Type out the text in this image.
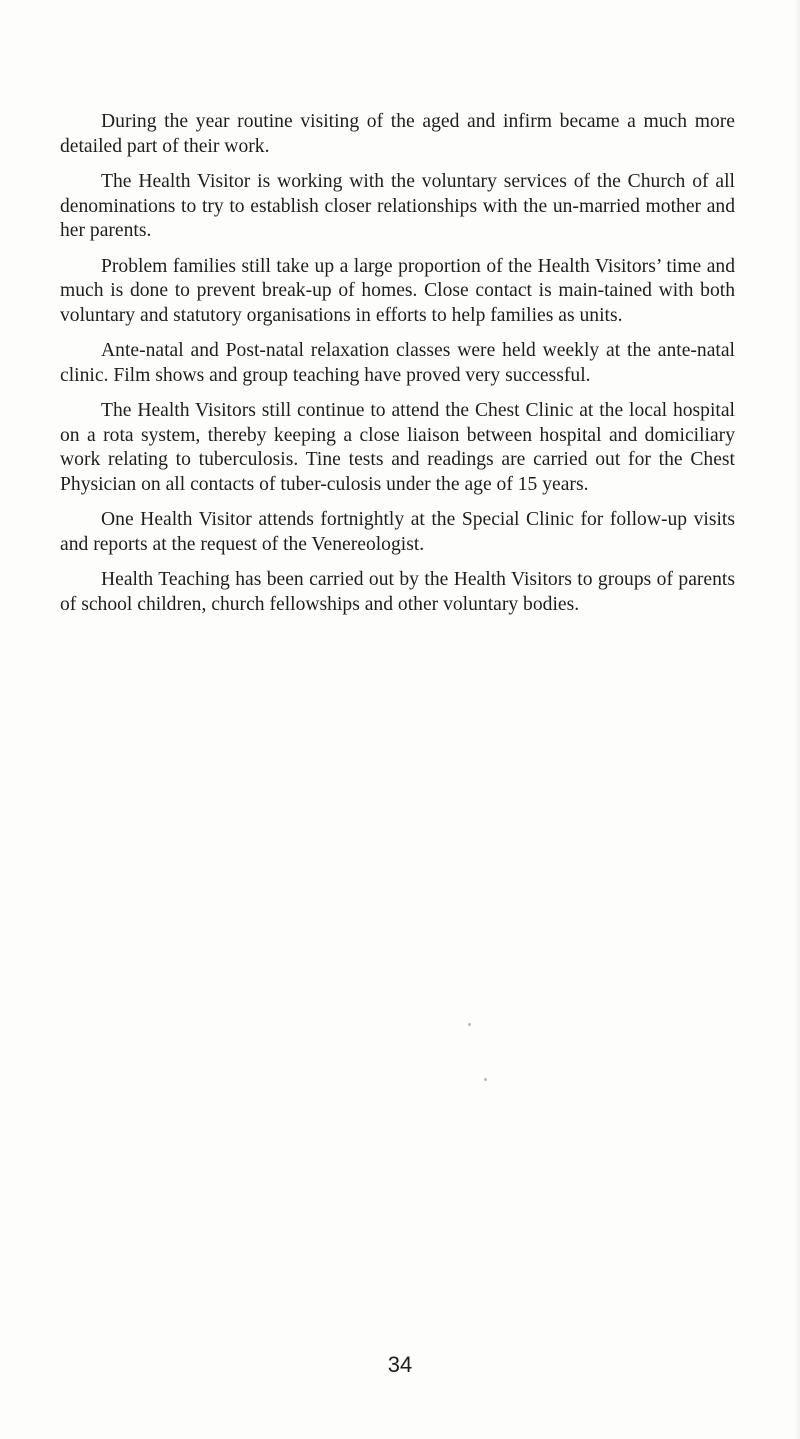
During the year routine visiting of the aged and infirm became a much more detailed part of their work.

The Health Visitor is working with the voluntary services of the Church of all denominations to try to establish closer relationships with the un-married mother and her parents.

Problem families still take up a large proportion of the Health Visitors’ time and much is done to prevent break-up of homes. Close contact is main-tained with both voluntary and statutory organisations in efforts to help families as units.

Ante-natal and Post-natal relaxation classes were held weekly at the ante-natal clinic. Film shows and group teaching have proved very successful.

The Health Visitors still continue to attend the Chest Clinic at the local hospital on a rota system, thereby keeping a close liaison between hospital and domiciliary work relating to tuberculosis. Tine tests and readings are carried out for the Chest Physician on all contacts of tuber-culosis under the age of 15 years.

One Health Visitor attends fortnightly at the Special Clinic for follow-up visits and reports at the request of the Venereologist.

Health Teaching has been carried out by the Health Visitors to groups of parents of school children, church fellowships and other voluntary bodies.

34
